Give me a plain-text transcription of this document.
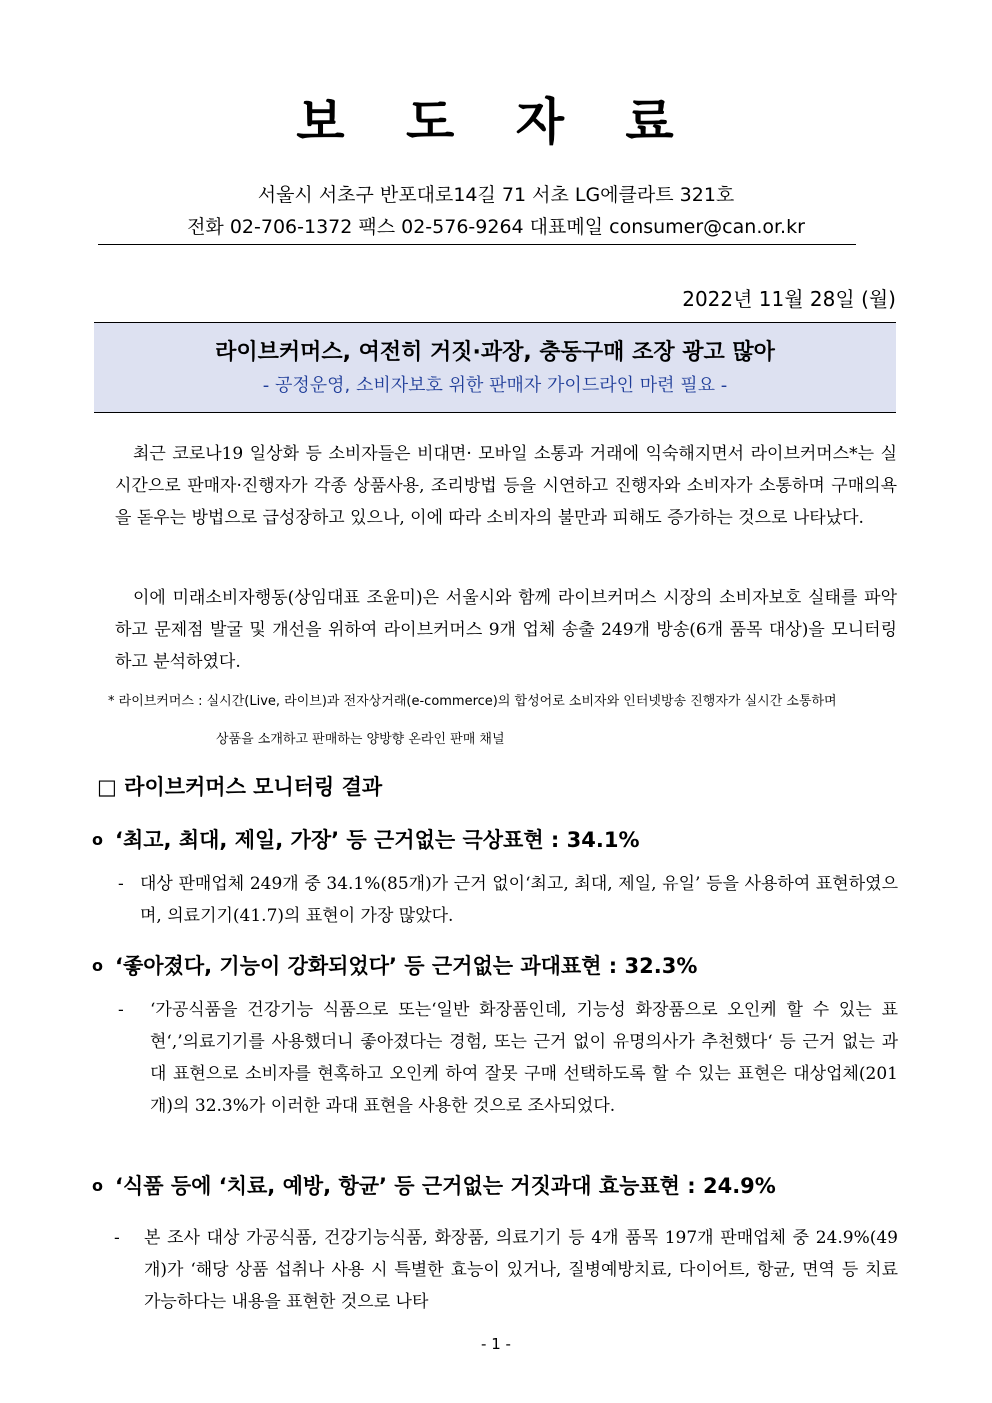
보 도 자 료
서울시 서초구 반포대로14길 71 서초 LG에클라트 321호
전화 02-706-1372 팩스 02-576-9264 대표메일 consumer@can.or.kr
2022년 11월 28일 (월)
라이브커머스, 여전히 거짓·과장, 충동구매 조장 광고 많아
- 공정운영, 소비자보호 위한 판매자 가이드라인 마련 필요 -
최근 코로나19 일상화 등 소비자들은 비대면· 모바일 소통과 거래에 익숙해지면서 라이브커머스*는 실시간으로 판매자·진행자가 각종 상품사용, 조리방법 등을 시연하고 진행자와 소비자가 소통하며 구매의욕을 돋우는 방법으로 급성장하고 있으나, 이에 따라 소비자의 불만과 피해도 증가하는 것으로 나타났다.
이에 미래소비자행동(상임대표 조윤미)은 서울시와 함께 라이브커머스 시장의 소비자보호 실태를 파악하고 문제점 발굴 및 개선을 위하여 라이브커머스 9개 업체 송출 249개 방송(6개 품목 대상)을 모니터링하고 분석하였다.
* 라이브커머스 : 실시간(Live, 라이브)과 전자상거래(e-commerce)의 합성어로 소비자와 인터넷방송 진행자가 실시간 소통하며
상품을 소개하고 판매하는 양방향 온라인 판매 채널
□ 라이브커머스 모니터링 결과
o ‘최고, 최대, 제일, 가장’ 등 근거없는 극상표현 : 34.1%
- 대상 판매업체 249개 중 34.1%(85개)가 근거 없이‘최고, 최대, 제일, 유일’ 등을 사용하여 표현하였으며, 의료기기(41.7)의 표현이 가장 많았다.
o ‘좋아졌다, 기능이 강화되었다’ 등 근거없는 과대표현 : 32.3%
- ‘가공식품을 건강기능 식품으로 또는‘일반 화장품인데, 기능성 화장품으로 오인케 할 수 있는 표현‘,’의료기기를 사용했더니 좋아졌다는 경험, 또는 근거 없이 유명의사가 추천했다‘ 등 근거 없는 과대 표현으로 소비자를 현혹하고 오인케 하여 잘못 구매 선택하도록 할 수 있는 표현은 대상업체(201개)의 32.3%가 이러한 과대 표현을 사용한 것으로 조사되었다.
o ‘식품 등에 ‘치료, 예방, 항균’ 등 근거없는 거짓과대 효능표현 : 24.9%
- 본 조사 대상 가공식품, 건강기능식품, 화장품, 의료기기 등 4개 품목 197개 판매업체 중 24.9%(49개)가 ‘해당 상품 섭취나 사용 시 특별한 효능이 있거나, 질병예방치료, 다이어트, 항균, 면역 등 치료 가능하다는 내용을 표현한 것으로 나타
- 1 -
